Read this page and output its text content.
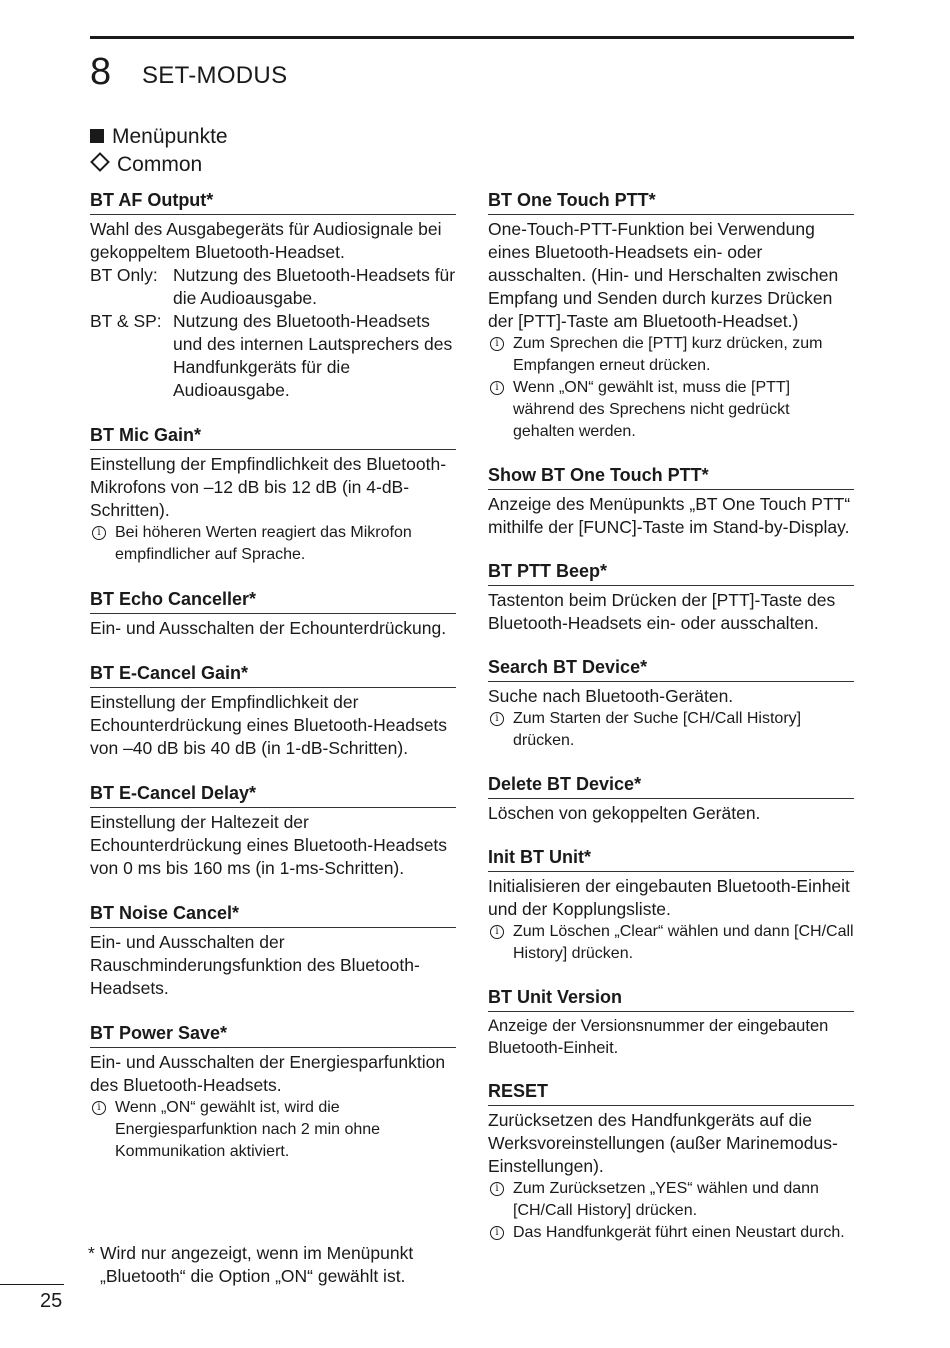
8 SET-MODUS
Menüpunkte
Common
BT AF Output*
Wahl des Ausgabegeräts für Audiosignale bei gekoppeltem Bluetooth-Headset.
BT Only: Nutzung des Bluetooth-Headsets für die Audioausgabe.
BT & SP: Nutzung des Bluetooth-Headsets und des internen Lautsprechers des Handfunkgeräts für die Audioausgabe.
BT Mic Gain*
Einstellung der Empfindlichkeit des Bluetooth-Mikrofons von –12 dB bis 12 dB (in 4-dB-Schritten).
i Bei höheren Werten reagiert das Mikrofon empfindlicher auf Sprache.
BT Echo Canceller*
Ein- und Ausschalten der Echounterdrückung.
BT E-Cancel Gain*
Einstellung der Empfindlichkeit der Echounterdrückung eines Bluetooth-Headsets von –40 dB bis 40 dB (in 1-dB-Schritten).
BT E-Cancel Delay*
Einstellung der Haltezeit der Echounterdrückung eines Bluetooth-Headsets von 0 ms bis 160 ms (in 1-ms-Schritten).
BT Noise Cancel*
Ein- und Ausschalten der Rauschminderungsfunktion des Bluetooth-Headsets.
BT Power Save*
Ein- und Ausschalten der Energiesparfunktion des Bluetooth-Headsets.
i Wenn „ON“ gewählt ist, wird die Energiesparfunktion nach 2 min ohne Kommunikation aktiviert.
BT One Touch PTT*
One-Touch-PTT-Funktion bei Verwendung eines Bluetooth-Headsets ein- oder ausschalten. (Hin- und Herschalten zwischen Empfang und Senden durch kurzes Drücken der [PTT]-Taste am Bluetooth-Headset.)
i Zum Sprechen die [PTT] kurz drücken, zum Empfangen erneut drücken.
i Wenn „ON“ gewählt ist, muss die [PTT] während des Sprechens nicht gedrückt gehalten werden.
Show BT One Touch PTT*
Anzeige des Menüpunkts „BT One Touch PTT“ mithilfe der [FUNC]-Taste im Stand-by-Display.
BT PTT Beep*
Tastenton beim Drücken der [PTT]-Taste des Bluetooth-Headsets ein- oder ausschalten.
Search BT Device*
Suche nach Bluetooth-Geräten.
i Zum Starten der Suche [CH/Call History] drücken.
Delete BT Device*
Löschen von gekoppelten Geräten.
Init BT Unit*
Initialisieren der eingebauten Bluetooth-Einheit und der Kopplungsliste.
i Zum Löschen „Clear“ wählen und dann [CH/Call History] drücken.
BT Unit Version
Anzeige der Versionsnummer der eingebauten Bluetooth-Einheit.
RESET
Zurücksetzen des Handfunkgeräts auf die Werksvoreinstellungen (außer Marinemodus-Einstellungen).
i Zum Zurücksetzen „YES“ wählen und dann [CH/Call History] drücken.
i Das Handfunkgerät führt einen Neustart durch.
* Wird nur angezeigt, wenn im Menüpunkt „Bluetooth“ die Option „ON“ gewählt ist.
25
